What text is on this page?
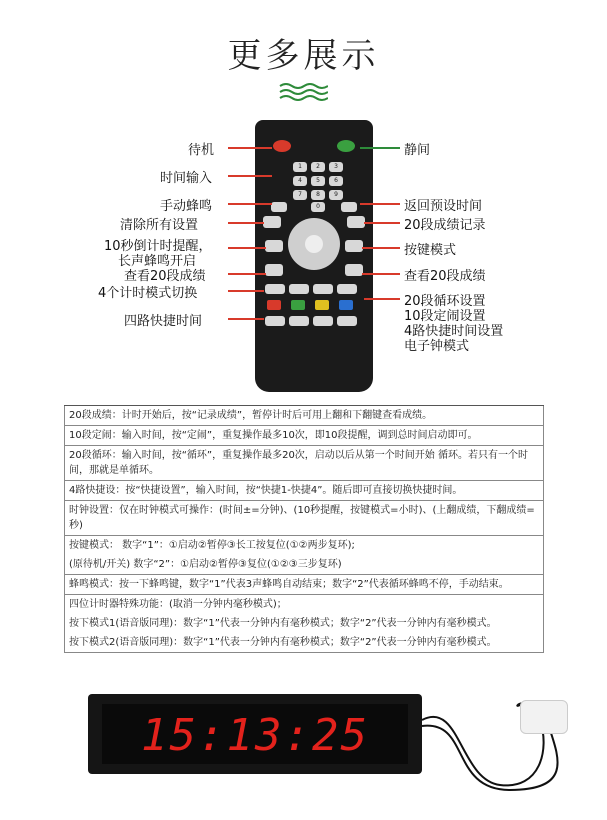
更多展示
1	2	3
4	5	6
7	8	9
0
待机
时间输入
手动蜂鸣
清除所有设置
10秒倒计时提醒，
长声蜂鸣开启
查看20段成绩
4个计时模式切换
四路快捷时间
静间
返回预设时间
20段成绩记录
按键模式
查看20段成绩
20段循环设置
10段定闹设置
4路快捷时间设置
电子钟模式
20段成绩：计时开始后，按“记录成绩”，暂停计时后可用上翻和下翻键查看成绩。
10段定闹：输入时间，按“定闹”，重复操作最多10次，即10段提醒，调到总时间启动即可。
20段循环：输入时间，按“循环”，重复操作最多20次，启动以后从第一个时间开始 循环。若只有一个时间，那就是单循环。
4路快捷设：按“快捷设置”，输入时间，按“快捷1-快捷4”。随后即可直接切换快捷时间。
时钟设置：仅在时钟模式可操作：(时间±=分钟)、(10秒提醒，按键模式=小时)、(上翻成绩，下翻成绩=秒)
按键模式： 数字“1”：①启动②暂停③长工按复位(①②两步复环);
(原待机/开关) 数字“2”：①启动②暂停③复位(①②③三步复环)
蜂鸣模式：按一下蜂鸣键，数字“1”代表3声蜂鸣自动结束；数字“2”代表循环蜂鸣不停，手动结束。
四位计时器特殊功能：(取消一分钟内毫秒模式)；
按下模式1(语音版同理)：数字“1”代表一分钟内有毫秒模式；数字“2”代表一分钟内有毫秒模式。
按下模式2(语音版同理)：数字“1”代表一分钟内有毫秒模式；数字“2”代表一分钟内有毫秒模式。
15:13:25
